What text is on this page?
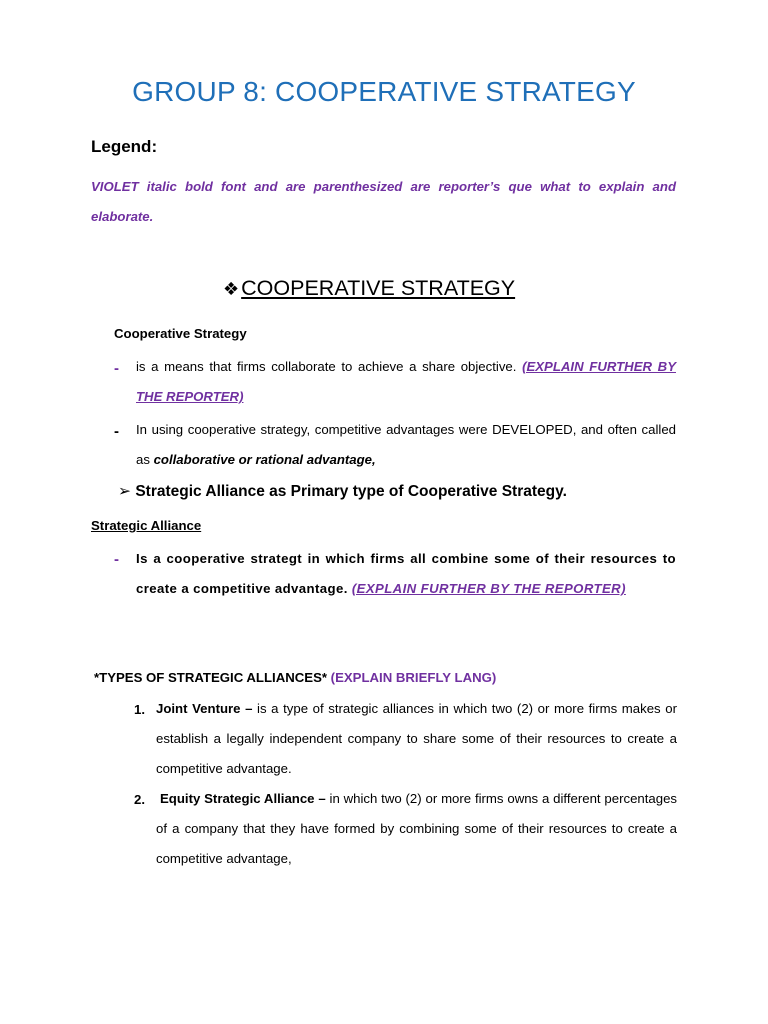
GROUP 8: COOPERATIVE STRATEGY
Legend:
VIOLET italic bold font and are parenthesized are reporter’s que what to explain and elaborate.
❖COOPERATIVE STRATEGY
Cooperative Strategy
- is a means that firms collaborate to achieve a share objective. (EXPLAIN FURTHER BY THE REPORTER)
- In using cooperative strategy, competitive advantages were DEVELOPED, and often called as collaborative or rational advantage,
➢ Strategic Alliance as Primary type of Cooperative Strategy.
Strategic Alliance
- Is a cooperative strategt in which firms all combine some of their resources to create a competitive advantage. (EXPLAIN FURTHER BY THE REPORTER)
*TYPES OF STRATEGIC ALLIANCES* (EXPLAIN BRIEFLY LANG)
1. Joint Venture – is a type of strategic alliances in which two (2) or more firms makes or establish a legally independent company to share some of their resources to create a competitive advantage.
2.	Equity Strategic Alliance – in which two (2) or more firms owns a different percentages of a company that they have formed by combining some of their resources to create a competitive advantage,
